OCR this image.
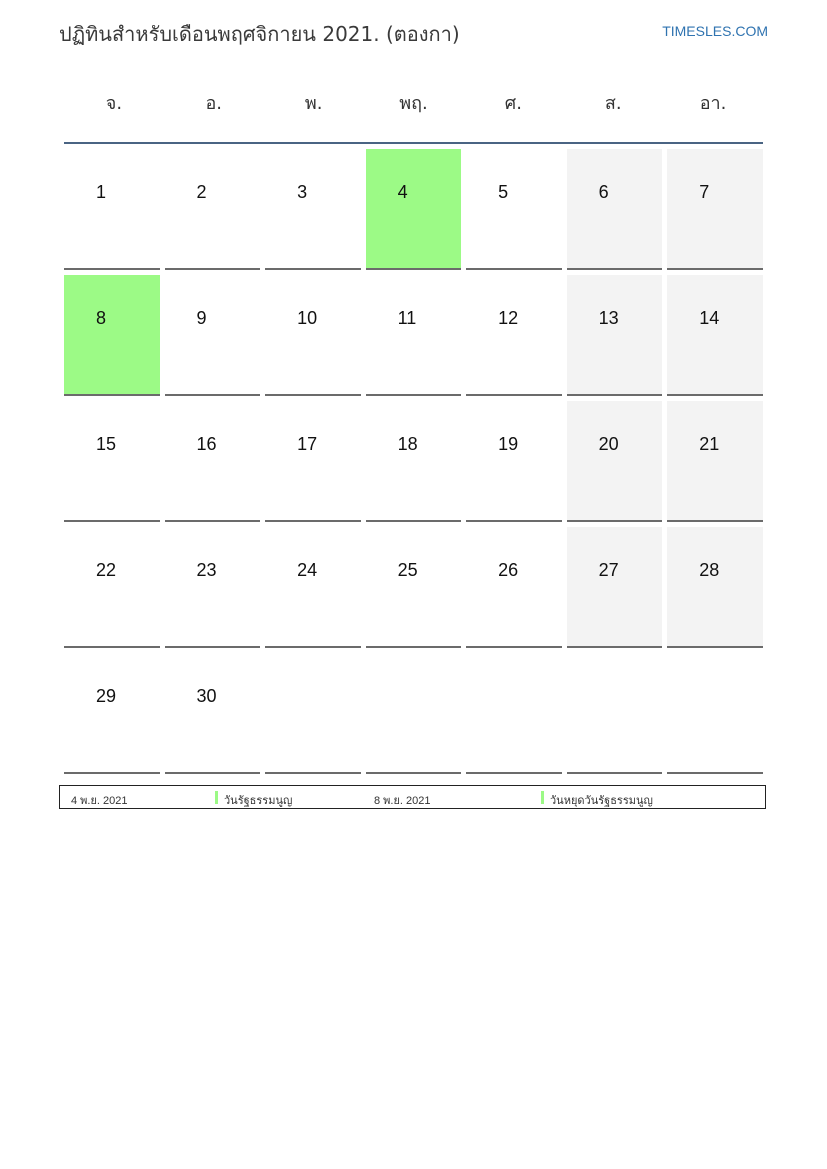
ปฏิทินสำหรับเดือนพฤศจิกายน 2021. (ตองกา)	TIMESLES.COM
จ.	อ.	พ.	พฤ.	ศ.	ส.	อา.
1	2	3	4	5	6	7
8	9	10	11	12	13	14
15	16	17	18	19	20	21
22	23	24	25	26	27	28
29	30
4 พ.ย. 2021	วันรัฐธรรมนูญ	8 พ.ย. 2021	วันหยุดวันรัฐธรรมนูญ
